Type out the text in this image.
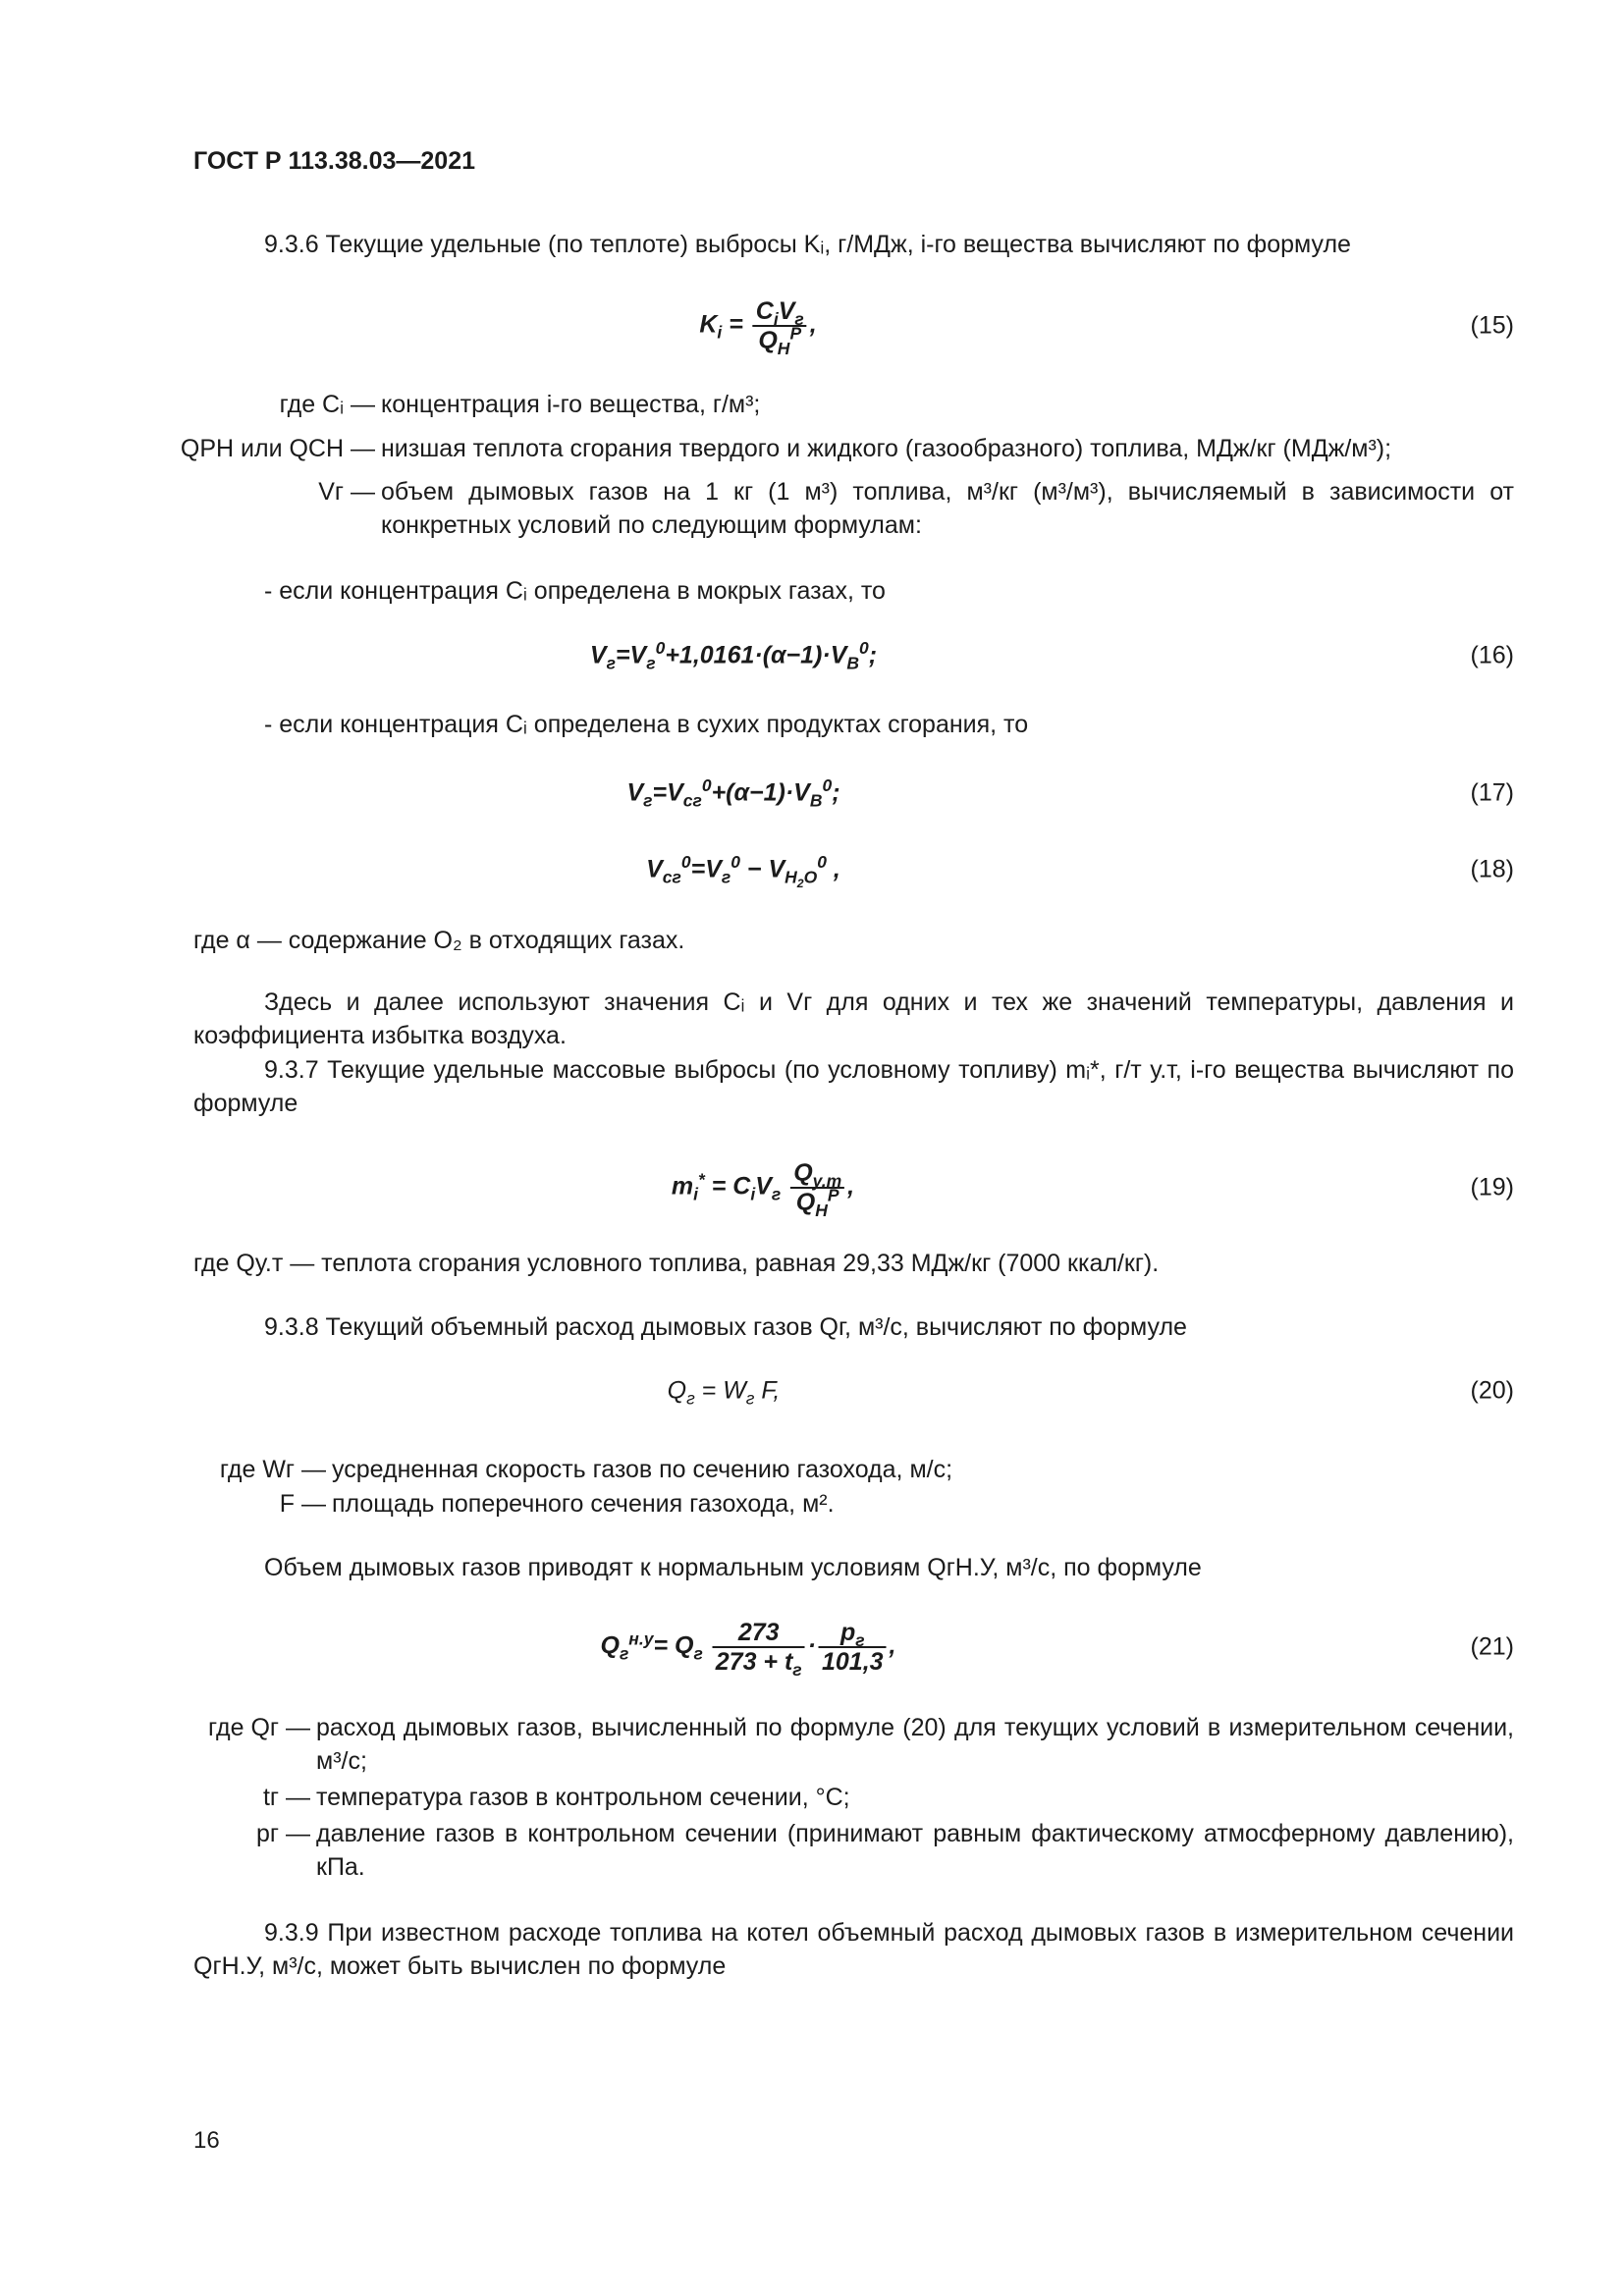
ГОСТ Р 113.38.03—2021
9.3.6 Текущие удельные (по теплоте) выбросы Kᵢ, г/МДж, i-го вещества вычисляют по формуле
$K_i = \frac{C_iV_г}{Q_Н^Р}$ ,	(15)
где Cᵢ — концентрация i-го вещества, г/м³;
QРН или QСН — низшая теплота сгорания твердого и жидкого (газообразного) топлива, МДж/кг (МДж/м³);
Vг — объем дымовых газов на 1 кг (1 м³) топлива, м³/кг (м³/м³), вычисляемый в зависимости от конкретных условий по следующим формулам:
- если концентрация Cᵢ определена в мокрых газах, то
$V_г=V_г^0+1,0161\cdot(\alpha-1)\cdot V_В^0$;	(16)
- если концентрация Cᵢ определена в сухих продуктах сгорания, то
$V_г=V_{сг}^0+(\alpha-1)\cdot V_В^0$;	(17)
$V_{сг}^0=V_г^0 - V_{Н_2О}^0$ ,	(18)
где α — содержание O₂ в отходящих газах.
Здесь и далее используют значения Cᵢ и Vг для одних и тех же значений температуры, давления и коэффициента избытка воздуха.
9.3.7 Текущие удельные массовые выбросы (по условному топливу) mᵢ*, г/т у.т, i-го вещества вычисляют по формуле
$m_i^* = C_iV_г \frac{Q_{у.т}}{Q_Н^Р}$ ,	(19)
где Qу.т — теплота сгорания условного топлива, равная 29,33 МДж/кг (7000 ккал/кг).
9.3.8 Текущий объемный расход дымовых газов Qг, м³/с, вычисляют по формуле
$Q_г = W_г$ F,	(20)
где Wг — усредненная скорость газов по сечению газохода, м/с;
F — площадь поперечного сечения газохода, м².
Объем дымовых газов приводят к нормальным условиям QгН.У, м³/с, по формуле
$Q_г^{н.у}= Q_г \frac{273}{273 + t_г} \cdot \frac{p_г}{101,3}$ ,	(21)
где Qг — расход дымовых газов, вычисленный по формуле (20) для текущих условий в измерительном сечении, м³/с;
tг — температура газов в контрольном сечении, °С;
pг — давление газов в контрольном сечении (принимают равным фактическому атмосферному давлению), кПа.
9.3.9 При известном расходе топлива на котел объемный расход дымовых газов в измерительном сечении QгН.У, м³/с, может быть вычислен по формуле
16
